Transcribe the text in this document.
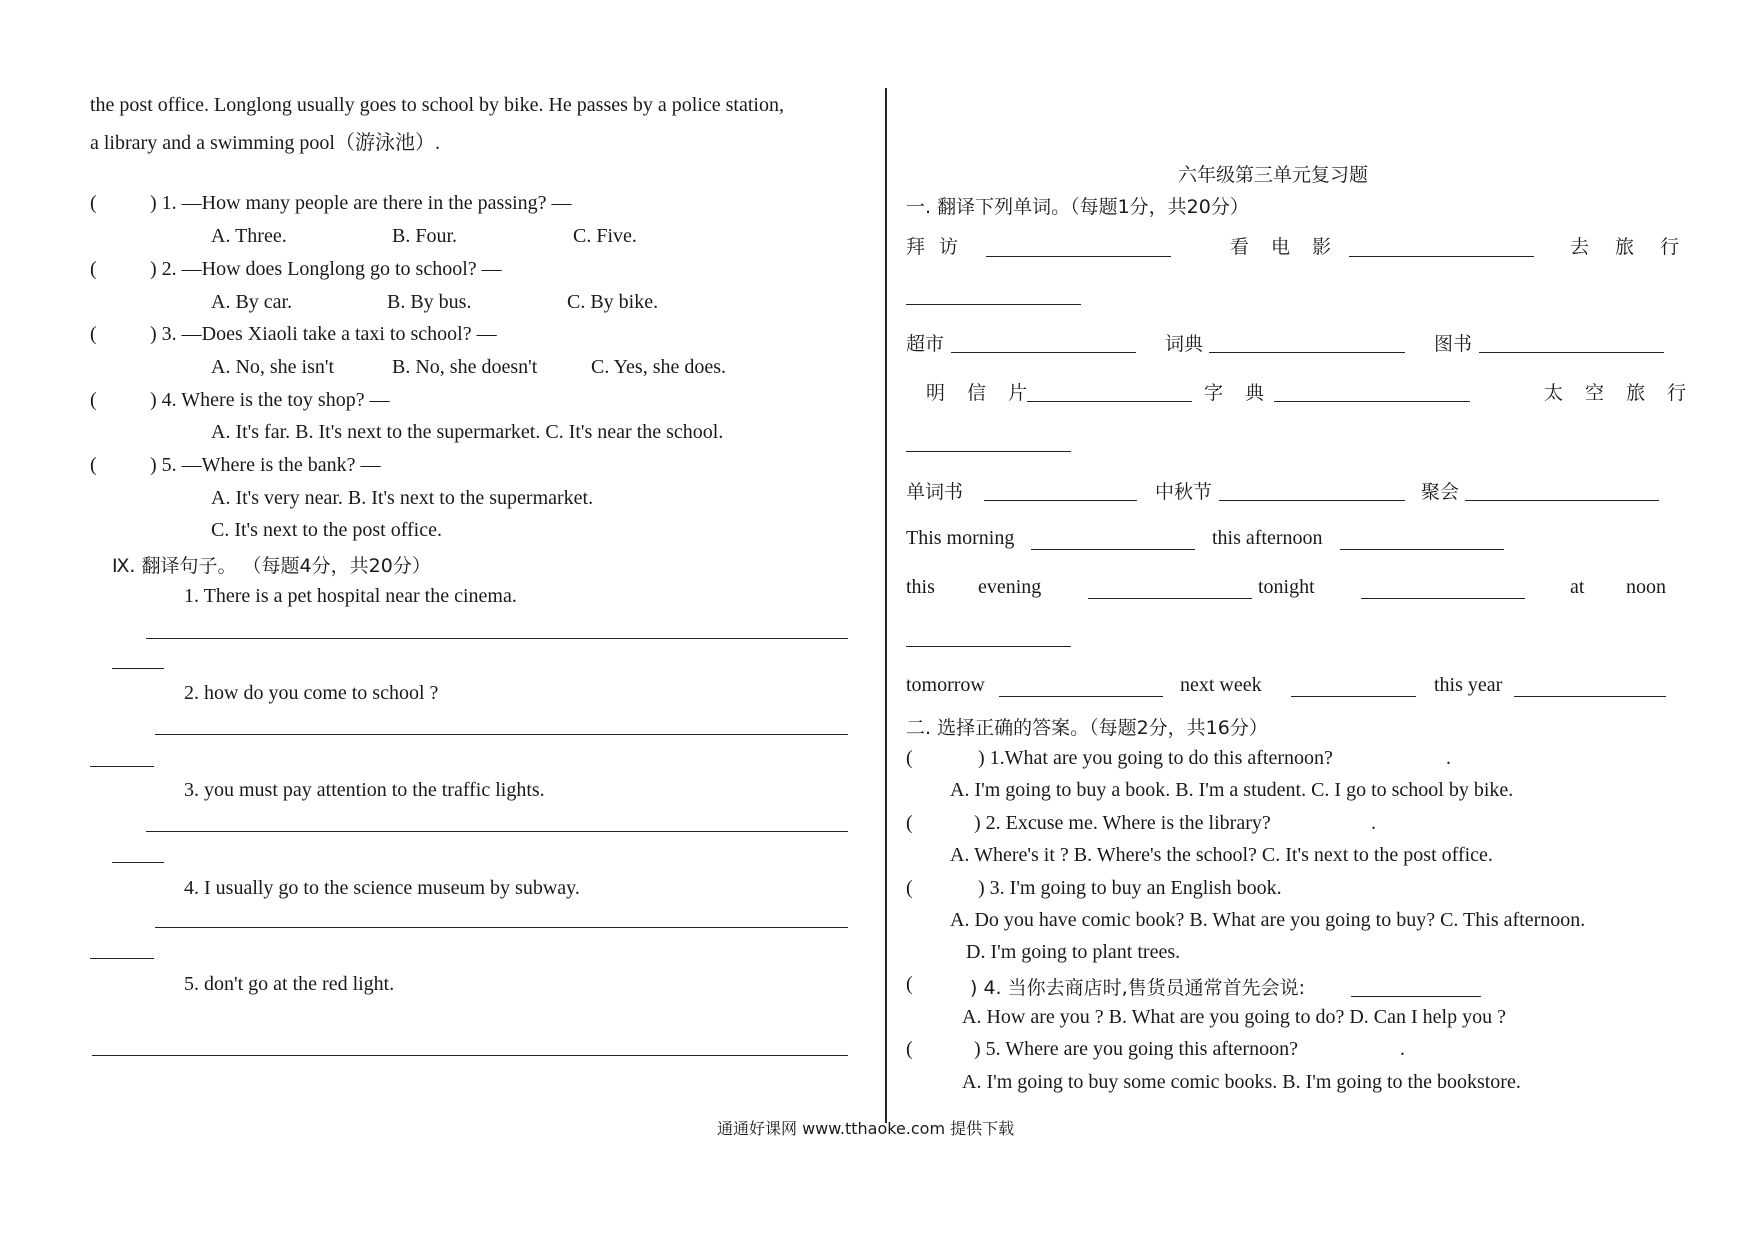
the post office. Longlong usually goes to school by bike. He passes by a police station,
a library and a swimming pool（游泳池）.
(	) 1. —How many people are there in the passing? —
A. Three.	B. Four.	C. Five.
(	) 2. —How does Longlong go to school? —
A. By car.	B. By bus.	C. By bike.
(	) 3. —Does Xiaoli take a taxi to school? —
A. No, she isn't	B. No, she doesn't	C. Yes, she does.
(	) 4. Where is the toy shop? —
A. It's far. B. It's next to the supermarket. C. It's near the school.
(	) 5. —Where is the bank? —
A. It's very near. B. It's next to the supermarket.
C. It's next to the post office.
Ⅸ. 翻译句子。 （每题4分，共20分）
1. There is a pet hospital near the cinema.
2. how do you come to school ?
3. you must pay attention to the traffic lights.
4. I usually go to the science museum by subway.
5. don't go at the red light.
六年级第三单元复习题
一. 翻译下列单词。（每题1分，共20分）
拜 访	看 电 影	去 旅 行
超市	词典	图书
明 信 片	字 典	太 空 旅 行
单词书	中秋节	聚会
This morning	this afternoon
this evening	tonight	at noon
tomorrow	next week	this year
二. 选择正确的答案。（每题2分，共16分）
(	) 1.What are you going to do this afternoon?	.
A. I'm going to buy a book. B. I'm a student. C. I go to school by bike.
(	) 2. Excuse me. Where is the library?	.
A. Where's it ? B. Where's the school? C. It's next to the post office.
(	) 3. I'm going to buy an English book.
A. Do you have comic book? B. What are you going to buy? C. This afternoon.
D. I'm going to plant trees.
(	) 4. 当你去商店时,售货员通常首先会说:
A. How are you ? B. What are you going to do? D. Can I help you ?
(	) 5. Where are you going this afternoon?	.
A. I'm going to buy some comic books. B. I'm going to the bookstore.
通通好课网 www.tthaoke.com 提供下载
